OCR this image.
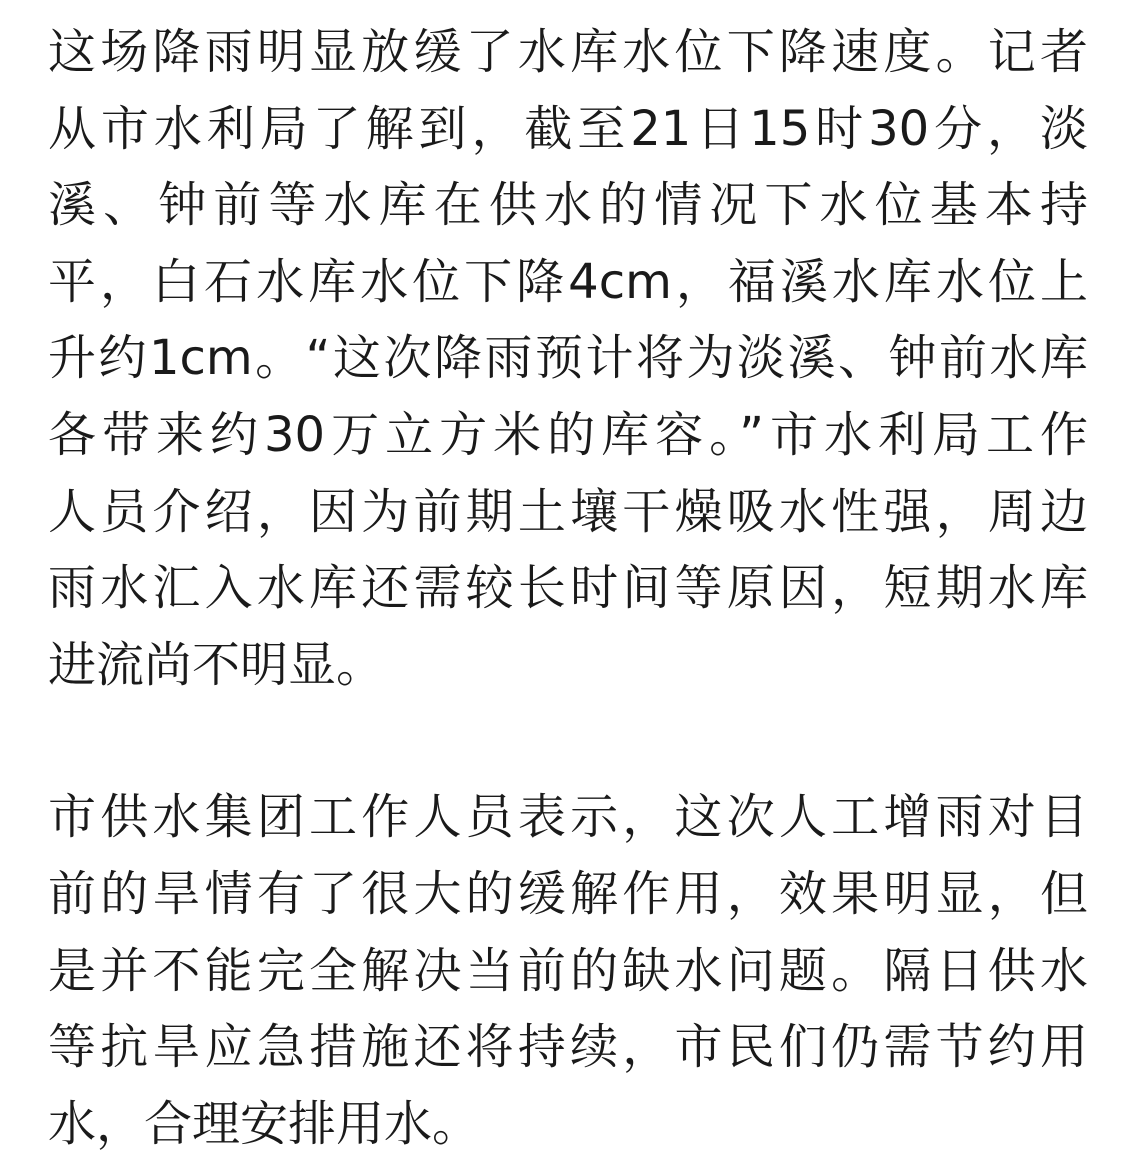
这场降雨明显放缓了水库水位下降速度。记者
从市水利局了解到，截至21日15时30分，淡
溪、钟前等水库在供水的情况下水位基本持
平，白石水库水位下降4cm，福溪水库水位上
升约1cm。“这次降雨预计将为淡溪、钟前水库
各带来约30万立方米的库容。”市水利局工作
人员介绍，因为前期土壤干燥吸水性强，周边
雨水汇入水库还需较长时间等原因，短期水库
进流尚不明显。

市供水集团工作人员表示，这次人工增雨对目
前的旱情有了很大的缓解作用，效果明显，但
是并不能完全解决当前的缺水问题。隔日供水
等抗旱应急措施还将持续，市民们仍需节约用
水，合理安排用水。
